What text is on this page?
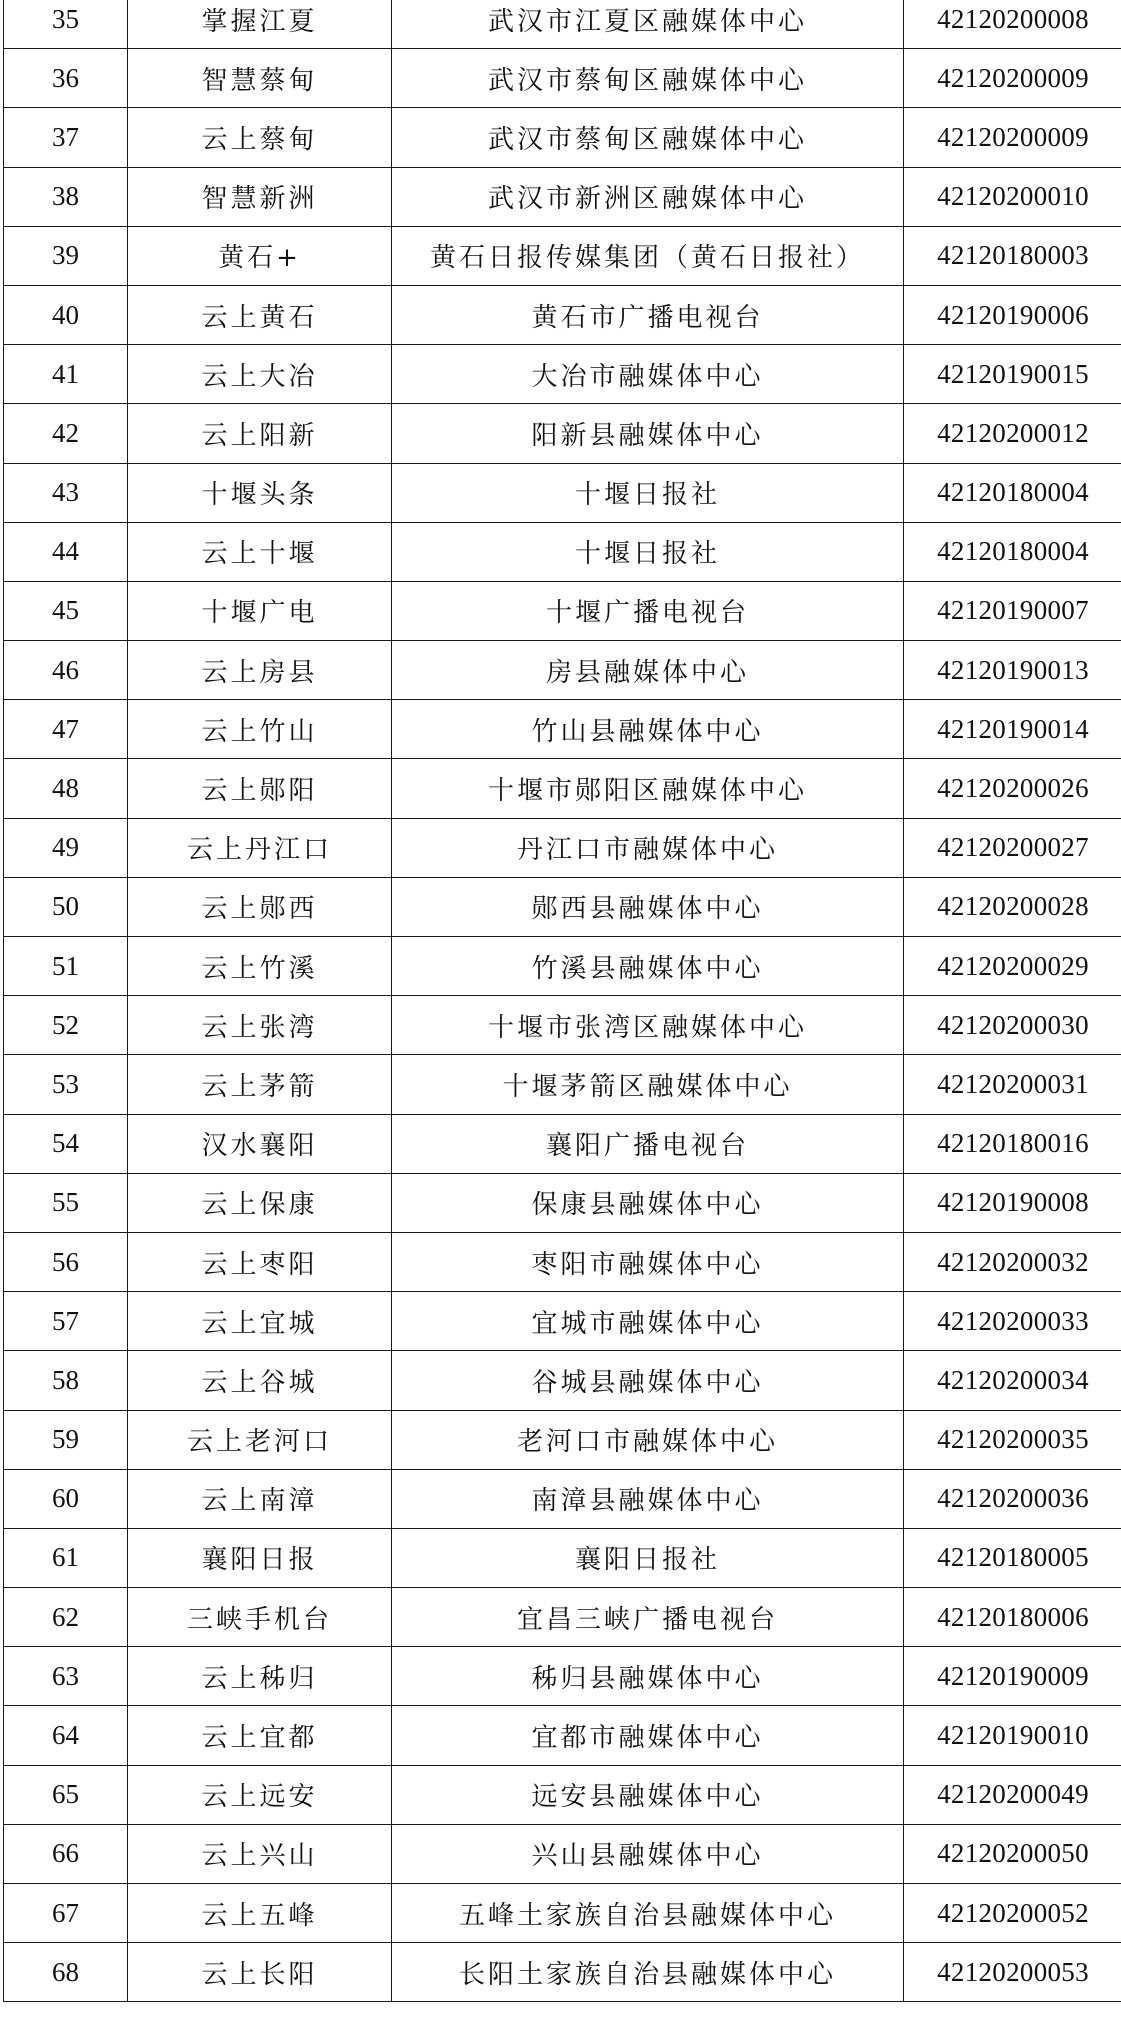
35	掌握江夏	武汉市江夏区融媒体中心	42120200008
36	智慧蔡甸	武汉市蔡甸区融媒体中心	42120200009
37	云上蔡甸	武汉市蔡甸区融媒体中心	42120200009
38	智慧新洲	武汉市新洲区融媒体中心	42120200010
39	黄石+	黄石日报传媒集团（黄石日报社）	42120180003
40	云上黄石	黄石市广播电视台	42120190006
41	云上大冶	大冶市融媒体中心	42120190015
42	云上阳新	阳新县融媒体中心	42120200012
43	十堰头条	十堰日报社	42120180004
44	云上十堰	十堰日报社	42120180004
45	十堰广电	十堰广播电视台	42120190007
46	云上房县	房县融媒体中心	42120190013
47	云上竹山	竹山县融媒体中心	42120190014
48	云上郧阳	十堰市郧阳区融媒体中心	42120200026
49	云上丹江口	丹江口市融媒体中心	42120200027
50	云上郧西	郧西县融媒体中心	42120200028
51	云上竹溪	竹溪县融媒体中心	42120200029
52	云上张湾	十堰市张湾区融媒体中心	42120200030
53	云上茅箭	十堰茅箭区融媒体中心	42120200031
54	汉水襄阳	襄阳广播电视台	42120180016
55	云上保康	保康县融媒体中心	42120190008
56	云上枣阳	枣阳市融媒体中心	42120200032
57	云上宜城	宜城市融媒体中心	42120200033
58	云上谷城	谷城县融媒体中心	42120200034
59	云上老河口	老河口市融媒体中心	42120200035
60	云上南漳	南漳县融媒体中心	42120200036
61	襄阳日报	襄阳日报社	42120180005
62	三峡手机台	宜昌三峡广播电视台	42120180006
63	云上秭归	秭归县融媒体中心	42120190009
64	云上宜都	宜都市融媒体中心	42120190010
65	云上远安	远安县融媒体中心	42120200049
66	云上兴山	兴山县融媒体中心	42120200050
67	云上五峰	五峰土家族自治县融媒体中心	42120200052
68	云上长阳	长阳土家族自治县融媒体中心	42120200053
